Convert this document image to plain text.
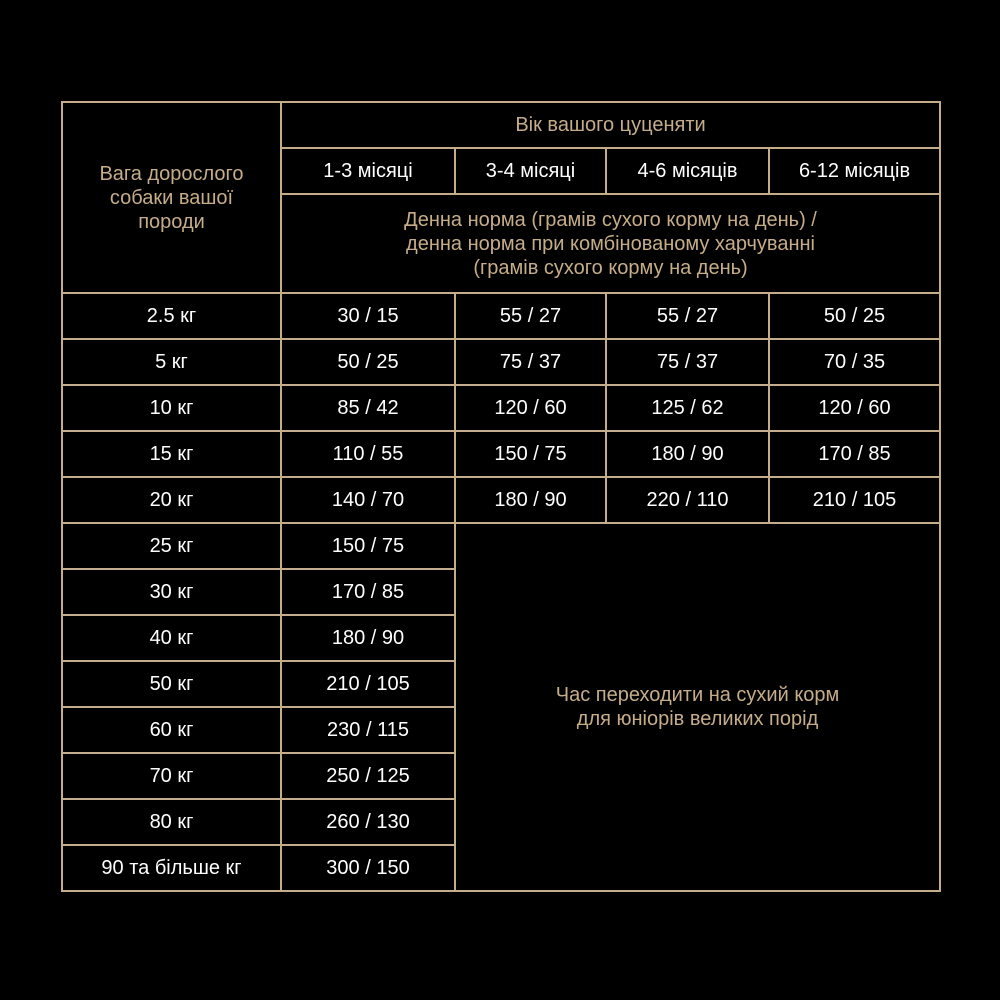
Вага дорослого
собаки вашої
породи	Вік вашого цуценяти			
	1-3 місяці	3-4 місяці	4-6 місяців	6-12 місяців

	Денна норма (грамів сухого корму на день) /
денна норма при комбінованому харчуванні
(грамів сухого корму на день)			

2.5 кг	30 / 15	55 / 27	55 / 27	50 / 25
5 кг	50 / 25	75 / 37	75 / 37	70 / 35
10 кг	85 / 42	120 / 60	125 / 62	120 / 60
15 кг	110 / 55	150 / 75	180 / 90	170 / 85
20 кг	140 / 70	180 / 90	220 / 110	210 / 105
25 кг	150 / 75	Час переходити на сухий корм
для юніорів великих порід		

30 кг	170 / 85			
40 кг	180 / 90			
50 кг	210 / 105			
60 кг	230 / 115			
70 кг	250 / 125			
80 кг	260 / 130			
90 та більше кг	300 / 150			
